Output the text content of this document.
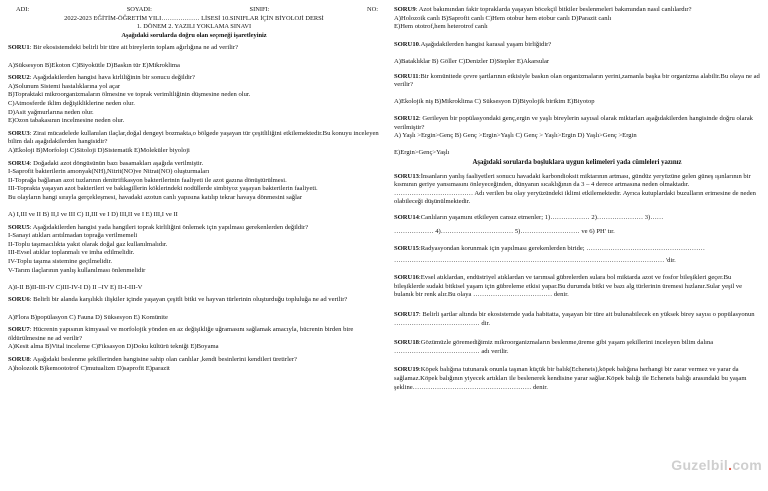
ADI:	SOYADI:	SINIFI:	NO:
2022-2023 EĞİTİM-ÖĞRETİM YILI……………… LİSESİ 10.SINIFLAR İÇİN BİYOLOJİ DERSİ
1. DÖNEM 2. YAZILI YOKLAMA SINAVI
Aşağıdaki sorularda doğru olan seçeneği işaretleyiniz

SORU1: Bir ekosistemdeki belirli bir türe ait bireylerin toplam ağırlığına ne ad verilir?

A)Süksesyon B)Ekoton C)Biyokütle D)Baskın tür E)Mikroklima

SORU2: Aşağıdakilerden hangisi hava kirliliğinin bir sonucu değildir?

A)Solunum Sistemi hastalıklarına yol açar

B)Topraktaki mikroorganizmaların ölmesine ve toprak verimliliğinin düşmesine neden olur.

C)Atmosferde iklim değişikliklerine neden olur.

D)Asit yağmurlarına neden olur.

E)Ozon tabakasının incelmesine neden olur.

SORU3: Zirai mücadelede kullanılan ilaçlar,doğal dengeyi bozmakta,o bölgede yaşayan tür çeşitliliğini etkilemektedir.Bu konuyu inceleyen bilim dalı aşağıdakilerden hangisidir?

A)Ekoloji B)Morfoloji C)Sitoloji D)Sistematik E)Moleküler biyoloji

SORU4: Doğadaki azot döngüsünün bazı basamakları aşağıda verilmiştir.

I-Saprofit bakterilerin amonyak(NH),Nitrit(NO)ve Nitrat(NO) oluşturmaları

II-Toprağa bağlanan azot tuzlarının denitrifikasyon bakterilerinin faaliyeti ile azot gazına dönüştürülmesi.

III-Toprakta yaşayan azot bakterileri ve baklagillerin köklerindeki nodüllerde simbiyoz yaşayan bakterilerin faaliyeti.

Bu olayların hangi sırayla gerçekleşmesi, havadaki azotun canlı yapısına katılıp tekrar havaya dönmesini sağlar

A) I,III ve II B) II,I ve III C) II,III ve I D) III,II ve I E) III,I ve II

SORU5: Aşağıdakilerden hangisi yada hangileri toprak kirliliğini önlemek için yapılması gerekenlerden değildir?

I-Sanayi atıkları arıtılmadan toprağa verilmemeli

II-Toplu taşımacılıkta yakıt olarak doğal gaz kullanılmalıdır.

III-Evsel atıklar toplanmalı ve imha edilmelidir.

IV-Toplu taşıma sistemine geçilmelidir.

V-Tarım ilaçlarının yanlış kullanılması önlenmelidir

A)I-II B)II-III-IV C)III-IV-I D) II –IV E) II-I-III-V

SORU6: Belirli bir alanda karşılıklı ilişkiler içinde yaşayan çeşitli bitki ve hayvan türlerinin oluşturduğu topluluğa ne ad verilir?

A)Flora B)popülasyon C) Fauna D) Süksesyon E) Komünite

SORU7: Hücrenin yapısının kimyasal ve morfolojik yönden en az değişikliğe uğramasını sağlamak amacıyla, hücrenin birden bire öldürülmesine ne ad verilir?

A)Kesit alma B)Vital inceleme C)Fiksasyon D)Doku kültürü tekniği E)Boyama

SORU8: Aşağıdaki beslenme şekillerinden hangisine sahip olan canlılar ,kendi besinlerini kendileri üretirler?

A)holozoik B)kemoototrof C)mutualizm D)saprofit E)parazit

SORU9: Azot bakımından fakir topraklarda yaşayan böcekçil bitkiler beslenmeleri bakımından nasıl canlılardır?

A)Holozoik canlı B)Saprofit canlı C)Hem otobur hem etobur canlı D)Parazit canlı

E)Hem ototrof,hem heterotrof canlı

SORU10.Aşağıdakilerden hangisi karasal yaşam birliğidir?

A)Bataklıklar B) Göller C)Denizler D)Stepler E)Akarsular

SORU11:Bir komünitede çevre şartlarının etkisiyle baskın olan organizmaların yerini,zamanla başka bir organizma alabilir.Bu olaya ne ad verilir?

A)Ekolojik niş B)Mikroklima C) Süksesyon D)Biyolojik birikim E)Biyotop

SORU12: Gerileyen bir popülasyondaki genç,ergin ve yaşlı bireylerin sayısal olarak miktarları aşağıdakilerden hangisinde doğru olarak verilmiştir?

A) Yaşlı >Ergin>Genç B) Genç >Ergin>Yaşlı C) Genç > Yaşlı>Ergin D) Yaşlı>Genç >Ergin

E)Ergin>Genç>Yaşlı

Aşağıdaki sorularda boşluklara uygun kelimeleri yada cümleleri yazınız

SORU13:İnsanların yanlış faaliyetleri sonucu havadaki karbondioksit miktarının artması, gündüz yeryüzüne gelen güneş ışınlarının bir kısmının geriye yansımasını önleyeceğinden, dünyanın sıcaklığının da 3 – 4 derece artmasına neden olmaktadır. ……………………………… Adı verilen bu olay yeryüzündeki iklimi etkilemektedir. Ayrıca kutuplardaki buzulların erimesine de neden olabileceği düşünülmektedir.

SORU14:Canlıların yaşamını etkileyen cansız etmenler; 1)……………… 2)………………… 3)……

……………… 4)…………………………… 5)……………………… ve 6) PH' tır.

SORU15:Radyasyondan korunmak için yapılması gerekenlerden biride; ………………………………………………

…………………………………………………………………………………………………………… 'dir.

SORU16:Evsel atıklardan, endüstriyel atıklardan ve tarımsal gübrelerden sulara bol miktarda azot ve fosfor bileşikleri geçer.Bu bileşiklerde sudaki bitkisel yaşam için gübreleme etkisi yapar.Bu durumda bitki ve bazı alg türlerinin üremesi hızlanır.Sular yeşil ve bulanık bir renk alır.Bu olaya ……………………………… denir.

SORU17: Belirli şartlar altında bir ekosistemde yada habitatta, yaşayan bir türe ait bulunabilecek en yüksek birey sayısı o popülasyonun ………………………………… dir.

SORU18:Gözümüzle göremediğimiz mikroorganizmaların beslenme,üreme gibi yaşam şekillerini inceleyen bilim dalına ………………………………… adı verilir.

SORU19:Köpek balığına tutunarak onunla taşınan küçük bir balık(Echeneis),köpek balığına herhangi bir zarar vermez ve yarar da sağlamaz.Köpek balığının yiyecek artıkları ile beslenerek kendisine yarar sağlar.Köpek balığı ile Echeneis balığı arasındaki bu yaşam şekline……………………………………………… denir.

Guzelbil.com
